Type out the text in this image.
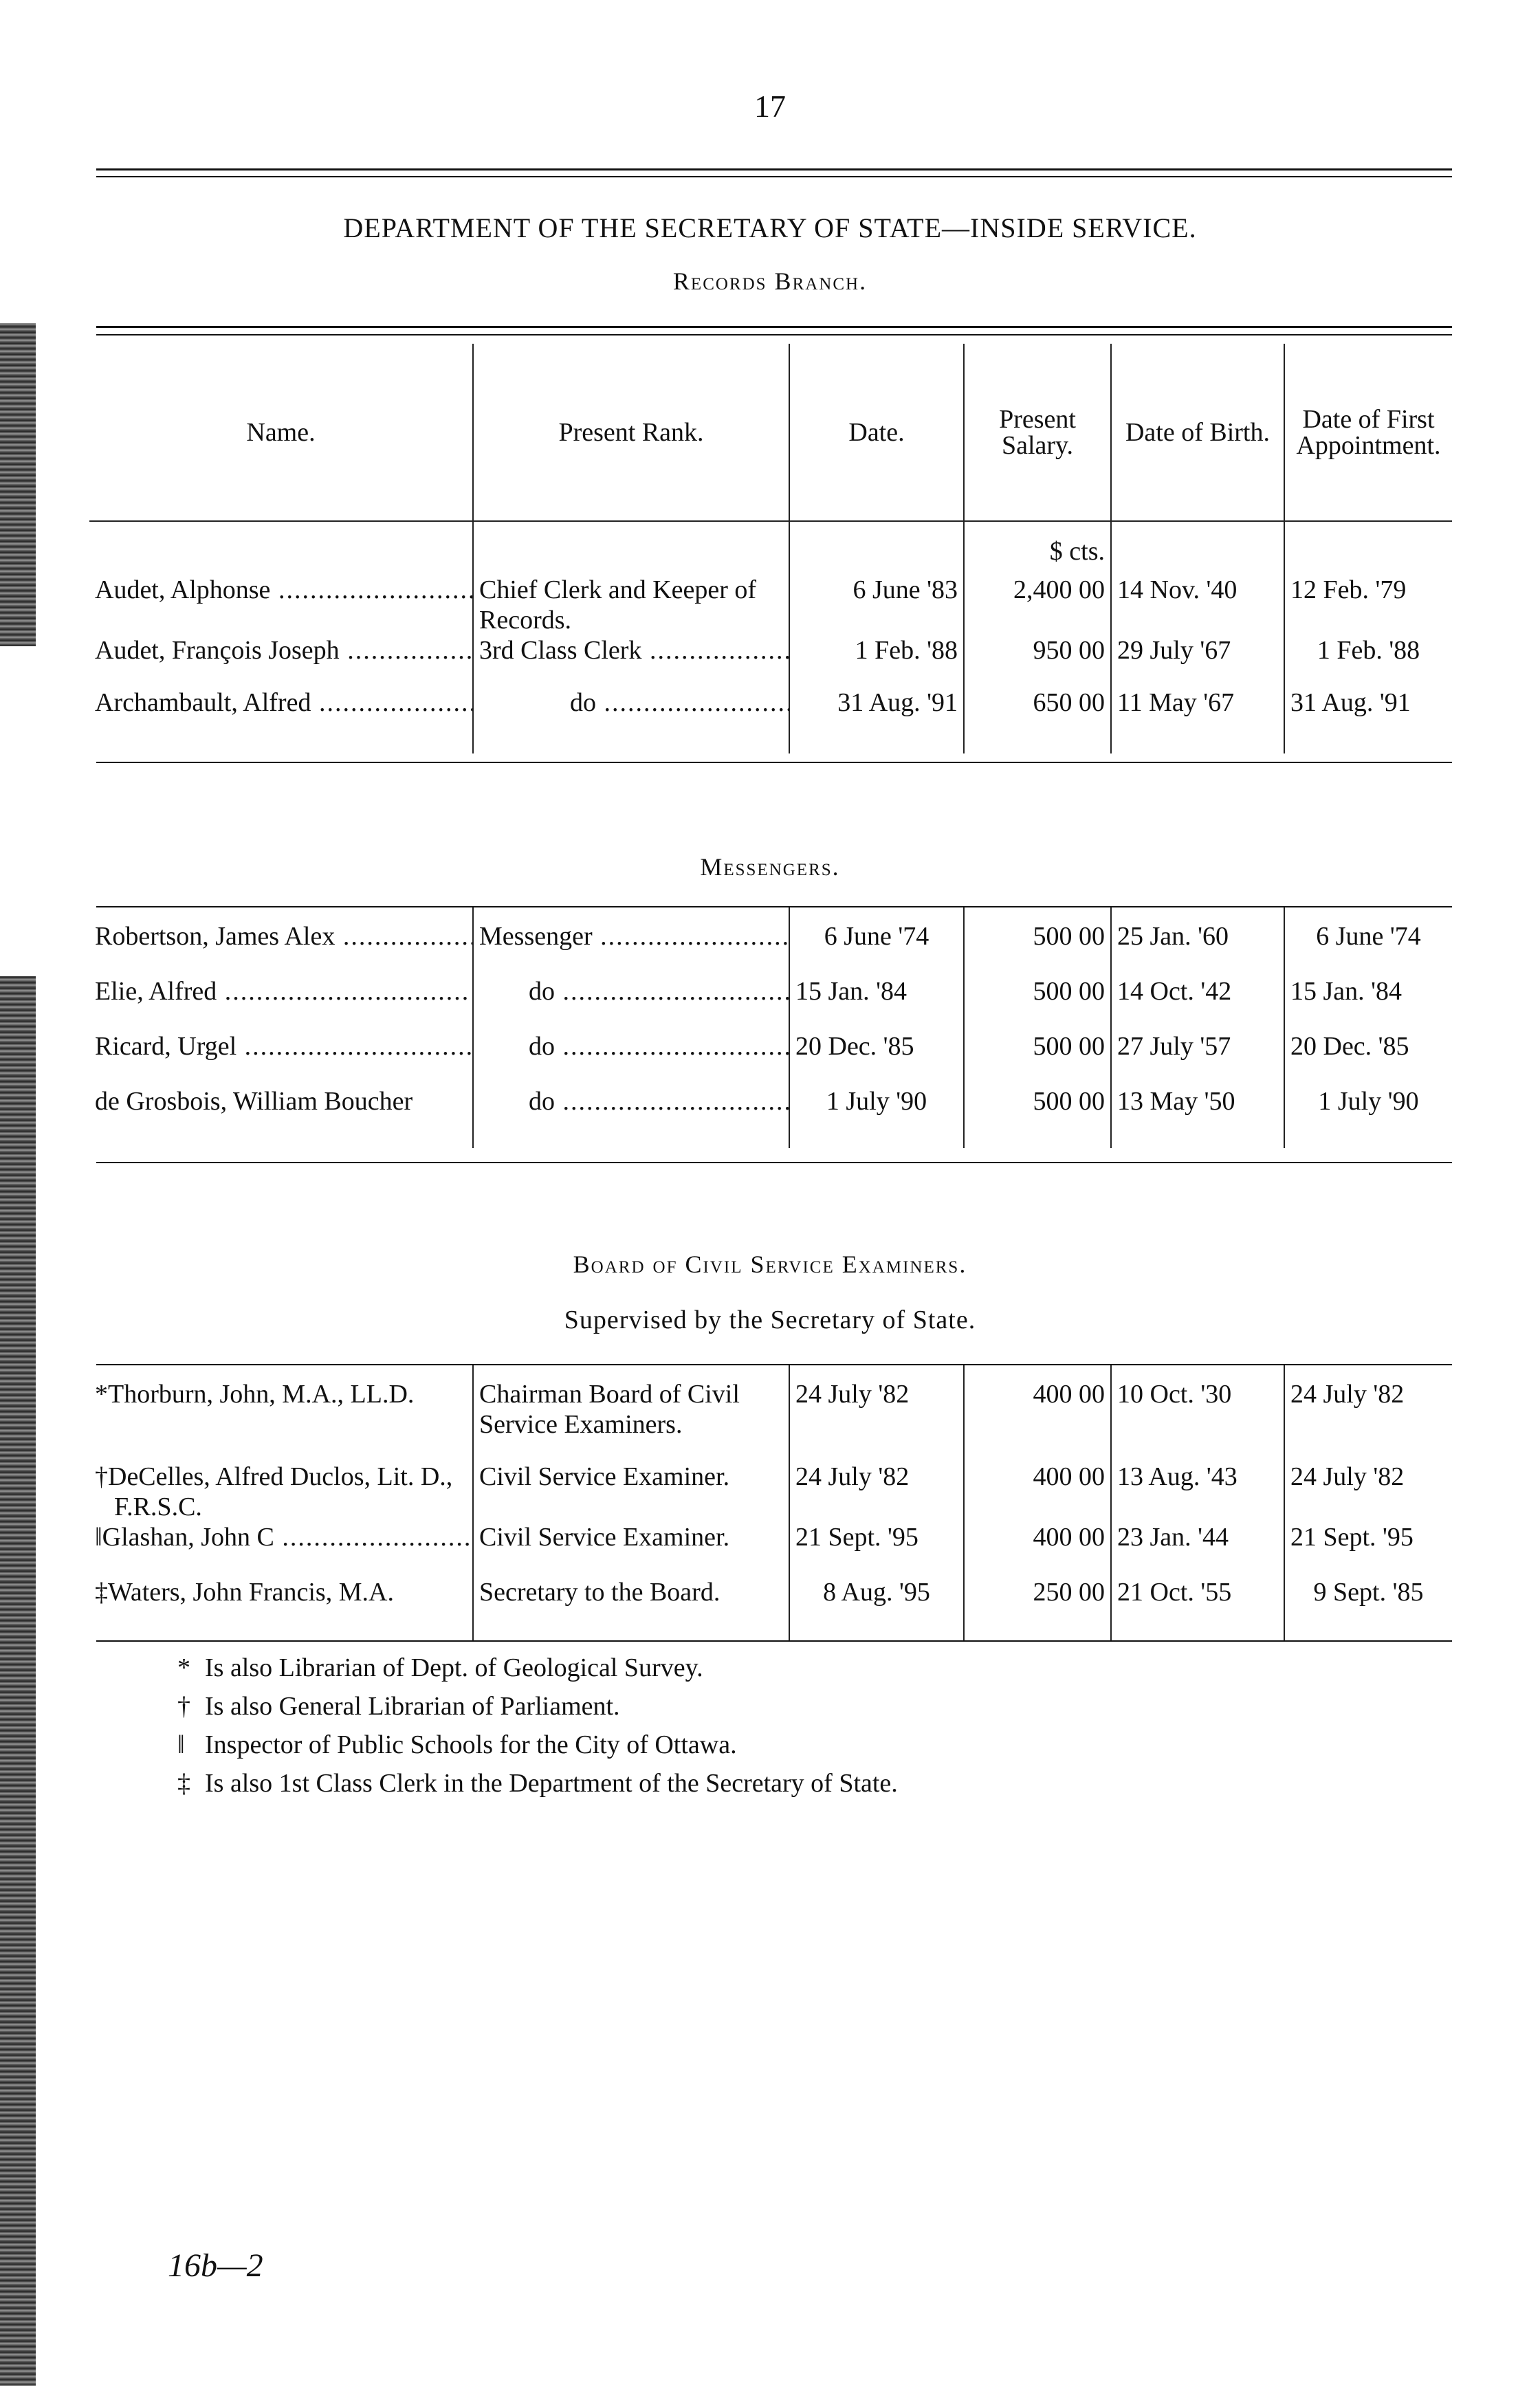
17
DEPARTMENT OF THE SECRETARY OF STATE—INSIDE SERVICE.
Records Branch.
Name.	Present Rank.	Date.	Present Salary.	Date of Birth.	Date of First Appointment.

			$ cts.		
Audet, Alphonse .....	Chief Clerk and Keeper of Records.	6 June '83	2,400 00	14 Nov. '40	12 Feb. '79
Audet, François Joseph .....	3rd Class Clerk .....	1 Feb. '88	950 00	29 July '67	1 Feb. '88
Archambault, Alfred .....	do .....	31 Aug. '91	650 00	11 May '67	31 Aug. '91
Messengers.

Robertson, James Alex .....	Messenger .....	6 June '74	500 00	25 Jan. '60	6 June '74
Elie, Alfred .....	do .....	15 Jan. '84	500 00	14 Oct. '42	15 Jan. '84
Ricard, Urgel .....	do .....	20 Dec. '85	500 00	27 July '57	20 Dec. '85
de Grosbois, William Boucher	do .....	1 July '90	500 00	13 May '50	1 July '90
Board of Civil Service Examiners.
Supervised by the Secretary of State.

*Thorburn, John, M.A., LL.D.	Chairman Board of Civil Service Examiners.	24 July '82	400 00	10 Oct. '30	24 July '82
†DeCelles, Alfred Duclos, Lit. D., F.R.S.C.	Civil Service Examiner.	24 July '82	400 00	13 Aug. '43	24 July '82
‖Glashan, John C .....	Civil Service Examiner.	21 Sept. '95	400 00	23 Jan. '44	21 Sept. '95
‡Waters, John Francis, M.A.	Secretary to the Board.	8 Aug. '95	250 00	21 Oct. '55	9 Sept. '85
* Is also Librarian of Dept. of Geological Survey.
† Is also General Librarian of Parliament.
‖ Inspector of Public Schools for the City of Ottawa.
‡ Is also 1st Class Clerk in the Department of the Secretary of State.
16b—2
